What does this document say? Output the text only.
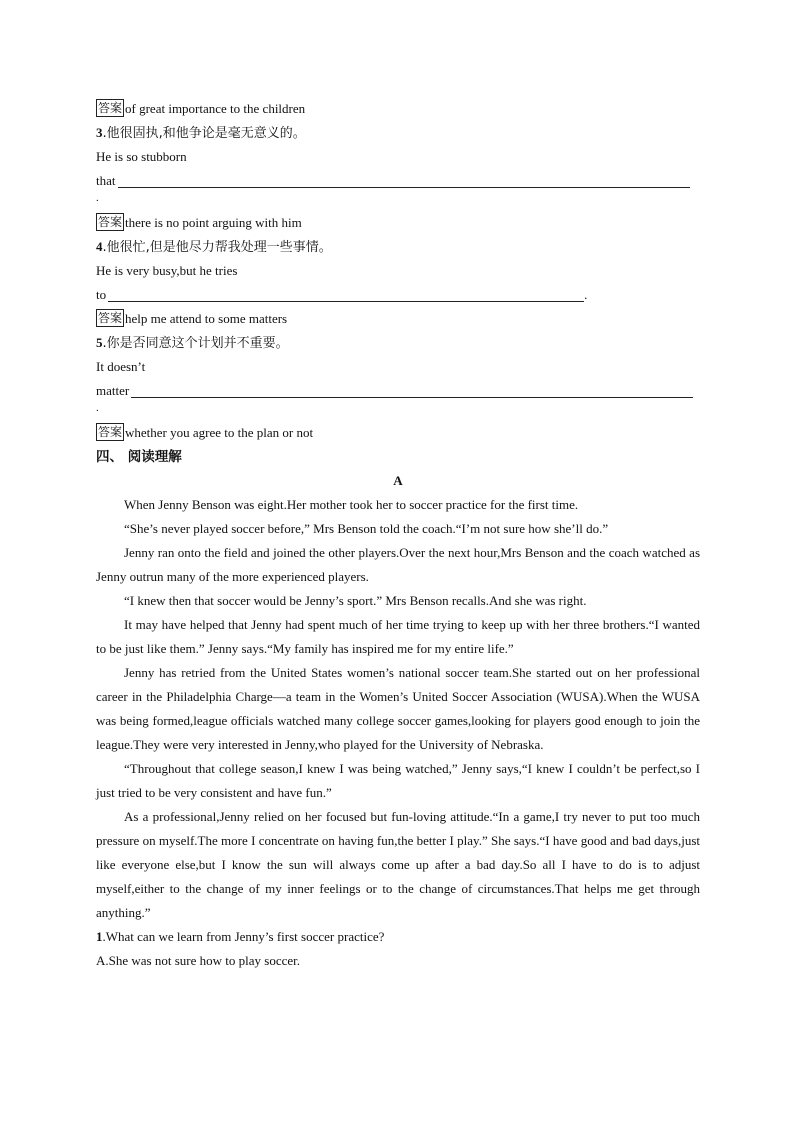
答案 of great importance to the children
3.他很固执,和他争论是毫无意义的。
He is so stubborn
that
.
答案 there is no point arguing with him
4.他很忙,但是他尽力帮我处理一些事情。
He is very busy,but he tries
to	.
答案 help me attend to some matters
5.你是否同意这个计划并不重要。
It doesn’t
matter
.
答案 whether you agree to the plan or not
四、 阅读理解
A

When Jenny Benson was eight.Her mother took her to soccer practice for the first time.

“She’s never played soccer before,” Mrs Benson told the coach.“I’m not sure how she’ll do.”

Jenny ran onto the field and joined the other players.Over the next hour,Mrs Benson and the coach watched as Jenny outrun many of the more experienced players.

“I knew then that soccer would be Jenny’s sport.” Mrs Benson recalls.And she was right.

It may have helped that Jenny had spent much of her time trying to keep up with her three brothers.“I wanted to be just like them.” Jenny says.“My family has inspired me for my entire life.”

Jenny has retried from the United States women’s national soccer team.She started out on her professional career in the Philadelphia Charge—a team in the Women’s United Soccer Association (WUSA).When the WUSA was being formed,league officials watched many college soccer games,looking for players good enough to join the league.They were very interested in Jenny,who played for the University of Nebraska.

“Throughout that college season,I knew I was being watched,” Jenny says,“I knew I couldn’t be perfect,so I just tried to be very consistent and have fun.”

As a professional,Jenny relied on her focused but fun-loving attitude.“In a game,I try never to put too much pressure on myself.The more I concentrate on having fun,the better I play.” She says.“I have good and bad days,just like everyone else,but I know the sun will always come up after a bad day.So all I have to do is to adjust myself,either to the change of my inner feelings or to the change of circumstances.That helps me get through anything.”

1.What can we learn from Jenny’s first soccer practice?
A.She was not sure how to play soccer.
